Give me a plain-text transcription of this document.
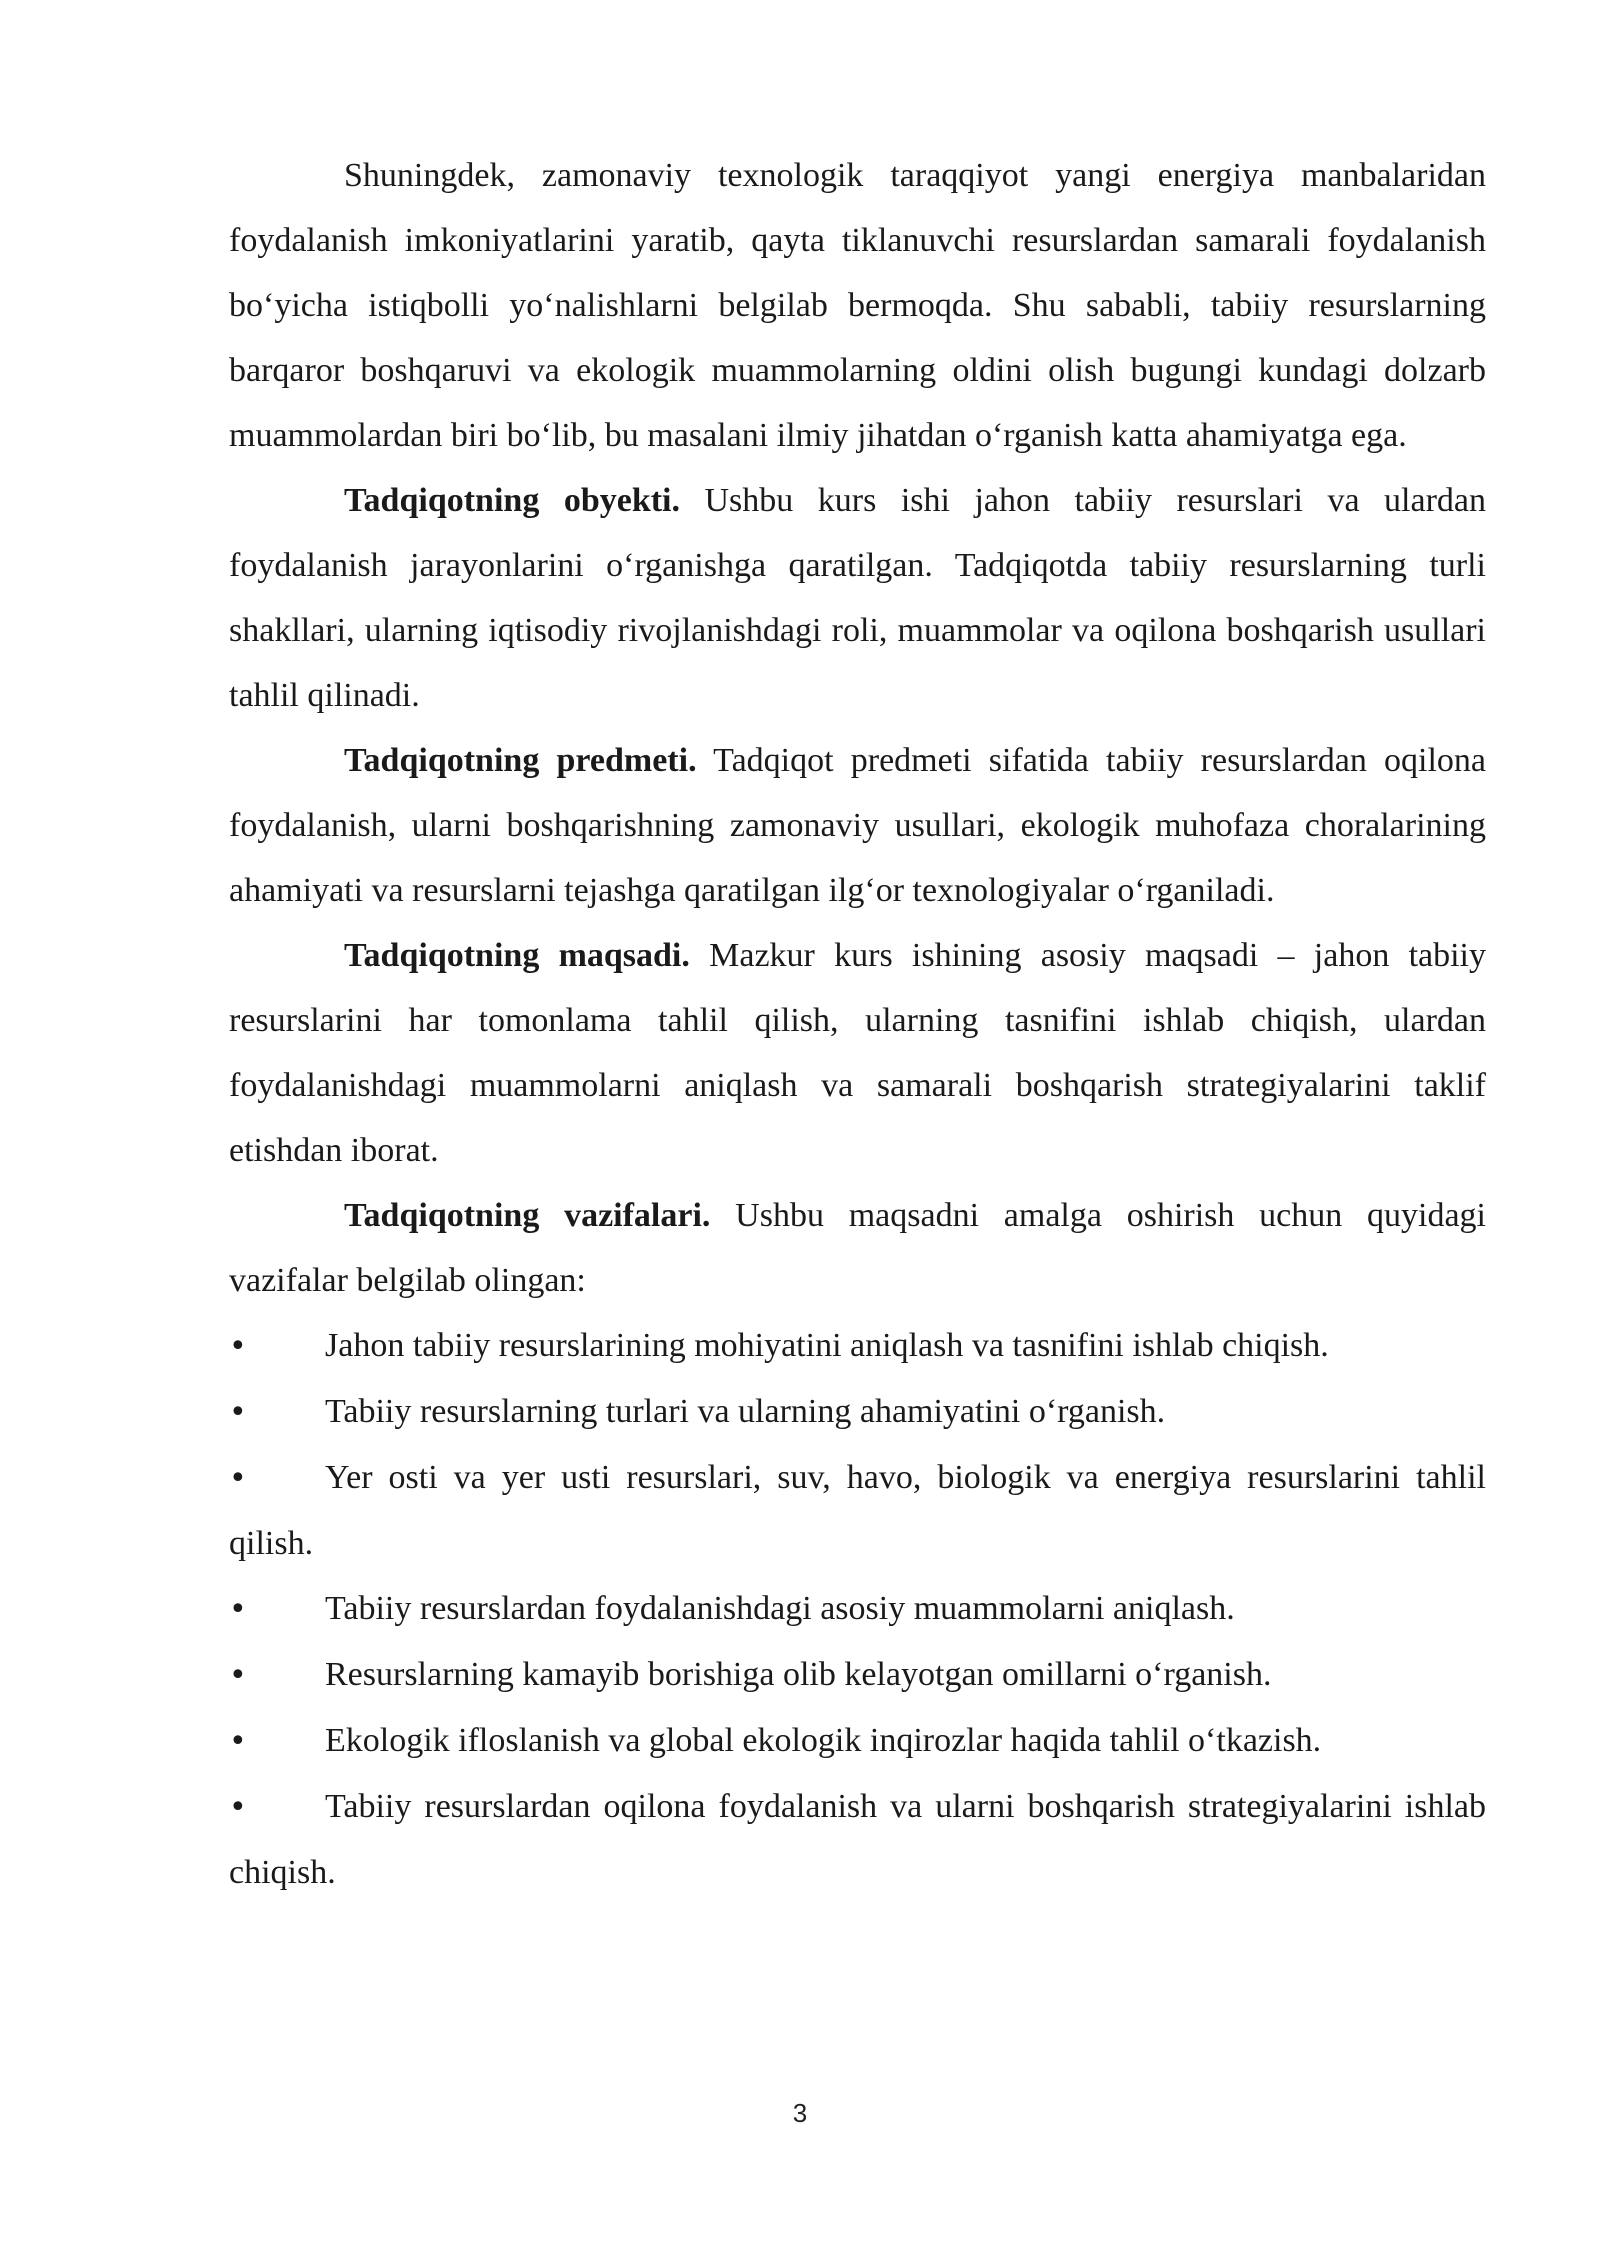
Shuningdek, zamonaviy texnologik taraqqiyot yangi energiya manbalaridan foydalanish imkoniyatlarini yaratib, qayta tiklanuvchi resurslardan samarali foydalanish bo‘yicha istiqbolli yo‘nalishlarni belgilab bermoqda. Shu sababli, tabiiy resurslarning barqaror boshqaruvi va ekologik muammolarning oldini olish bugungi kundagi dolzarb muammolardan biri bo‘lib, bu masalani ilmiy jihatdan o‘rganish katta ahamiyatga ega.

Tadqiqotning obyekti. Ushbu kurs ishi jahon tabiiy resurslari va ulardan foydalanish jarayonlarini o‘rganishga qaratilgan. Tadqiqotda tabiiy resurslarning turli shakllari, ularning iqtisodiy rivojlanishdagi roli, muammolar va oqilona boshqarish usullari tahlil qilinadi.

Tadqiqotning predmeti. Tadqiqot predmeti sifatida tabiiy resurslardan oqilona foydalanish, ularni boshqarishning zamonaviy usullari, ekologik muhofaza choralarining ahamiyati va resurslarni tejashga qaratilgan ilg‘or texnologiyalar o‘rganiladi.

Tadqiqotning maqsadi. Mazkur kurs ishining asosiy maqsadi – jahon tabiiy resurslarini har tomonlama tahlil qilish, ularning tasnifini ishlab chiqish, ulardan foydalanishdagi muammolarni aniqlash va samarali boshqarish strategiyalarini taklif etishdan iborat.

Tadqiqotning vazifalari. Ushbu maqsadni amalga oshirish uchun quyidagi vazifalar belgilab olingan:

• Jahon tabiiy resurslarining mohiyatini aniqlash va tasnifini ishlab chiqish.
• Tabiiy resurslarning turlari va ularning ahamiyatini o‘rganish.
• Yer osti va yer usti resurslari, suv, havo, biologik va energiya resurslarini tahlil qilish.
• Tabiiy resurslardan foydalanishdagi asosiy muammolarni aniqlash.
• Resurslarning kamayib borishiga olib kelayotgan omillarni o‘rganish.
• Ekologik ifloslanish va global ekologik inqirozlar haqida tahlil o‘tkazish.
• Tabiiy resurslardan oqilona foydalanish va ularni boshqarish strategiyalarini ishlab chiqish.
3
